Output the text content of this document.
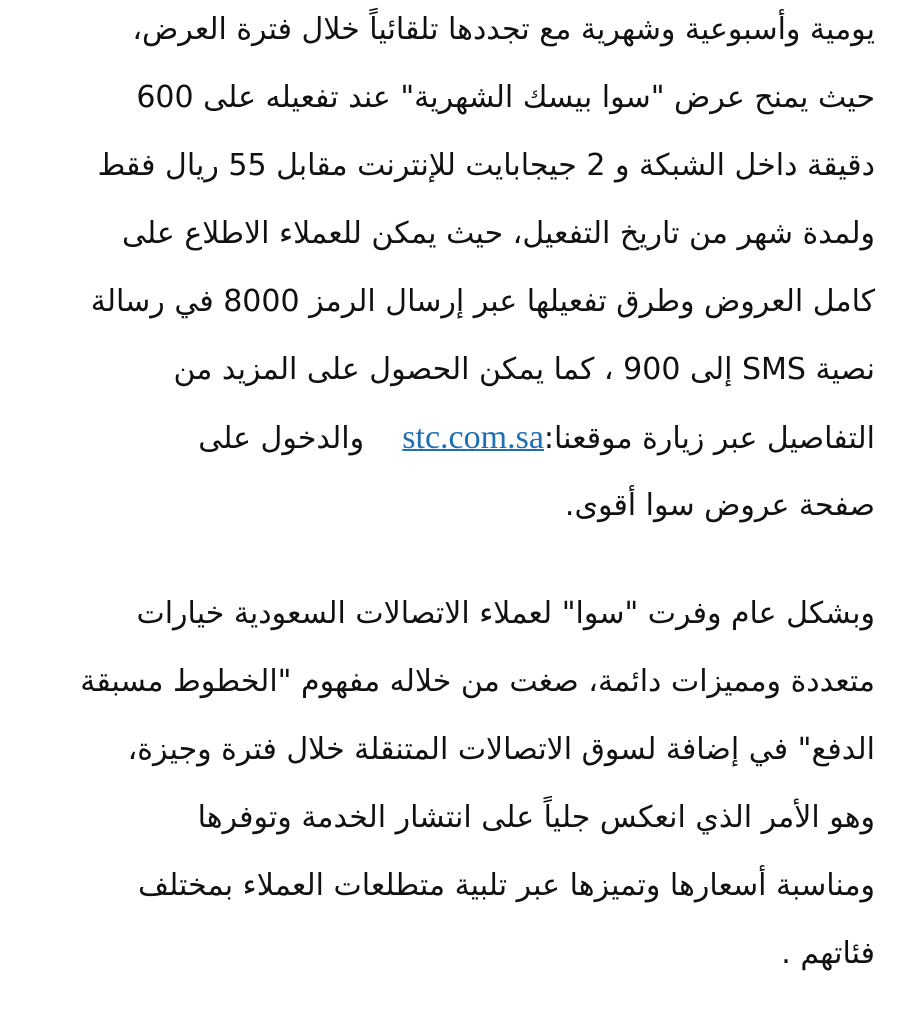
يومية وأسبوعية وشهرية مع تجددها تلقائياً خلال فترة العرض،
حيث يمنح عرض "سوا بيسك الشهرية" عند تفعيله على 600
دقيقة داخل الشبكة و 2 جيجابايت للإنترنت مقابل 55 ريال فقط
ولمدة شهر من تاريخ التفعيل، حيث يمكن للعملاء الاطلاع على
كامل العروض وطرق تفعيلها عبر إرسال الرمز 8000 في رسالة
نصية SMS إلى 900 ، كما يمكن الحصول على المزيد من
التفاصيل عبر زيارة موقعنا:stc.com.sa    والدخول على
صفحة عروض سوا أقوى.
وبشكل عام وفرت "سوا" لعملاء الاتصالات السعودية خيارات
متعددة ومميزات دائمة، صغت من خلاله مفهوم "الخطوط مسبقة
الدفع" في إضافة لسوق الاتصالات المتنقلة خلال فترة وجيزة،
وهو الأمر الذي انعكس جلياً على انتشار الخدمة وتوفرها
ومناسبة أسعارها وتميزها عبر تلبية متطلعات العملاء بمختلف
فئاتهم .
